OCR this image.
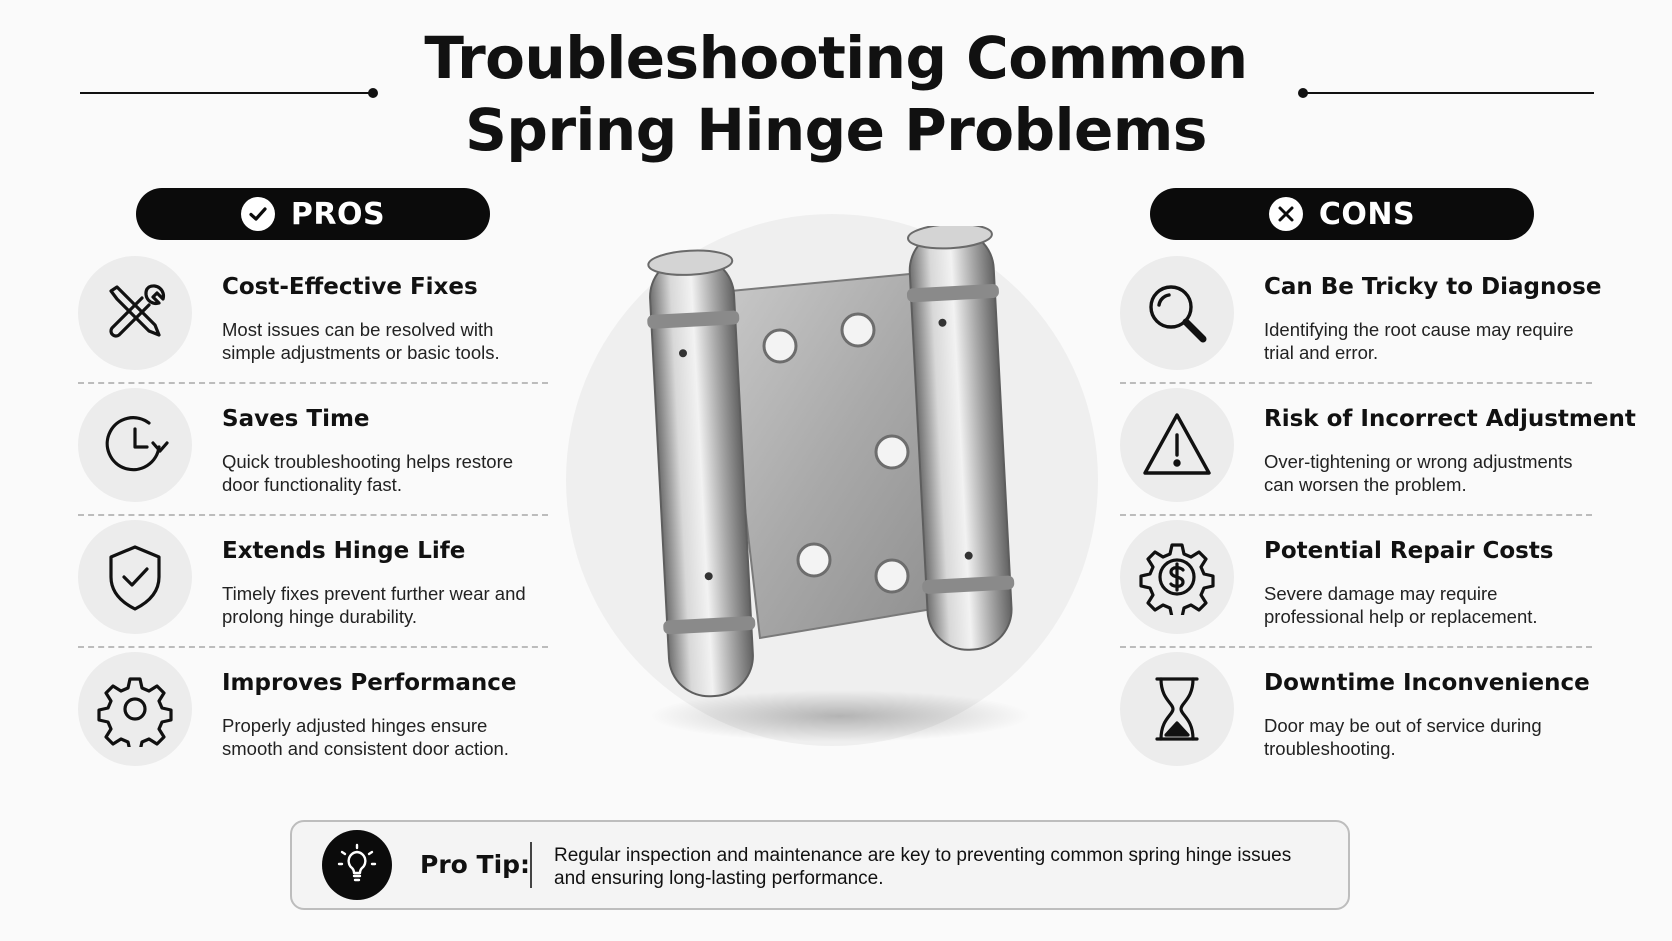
Troubleshooting Common
Spring Hinge Problems
PROS	CONS
Cost-Effective Fixes
Most issues can be resolved with simple adjustments or basic tools.
Saves Time
Quick troubleshooting helps restore door functionality fast.
Extends Hinge Life
Timely fixes prevent further wear and prolong hinge durability.
Improves Performance
Properly adjusted hinges ensure smooth and consistent door action.
Can Be Tricky to Diagnose
Identifying the root cause may require trial and error.
Risk of Incorrect Adjustment
Over-tightening or wrong adjustments can worsen the problem.
Potential Repair Costs
Severe damage may require professional help or replacement.
Downtime Inconvenience
Door may be out of service during troubleshooting.
Pro Tip: Regular inspection and maintenance are key to preventing common spring hinge issues and ensuring long-lasting performance.
